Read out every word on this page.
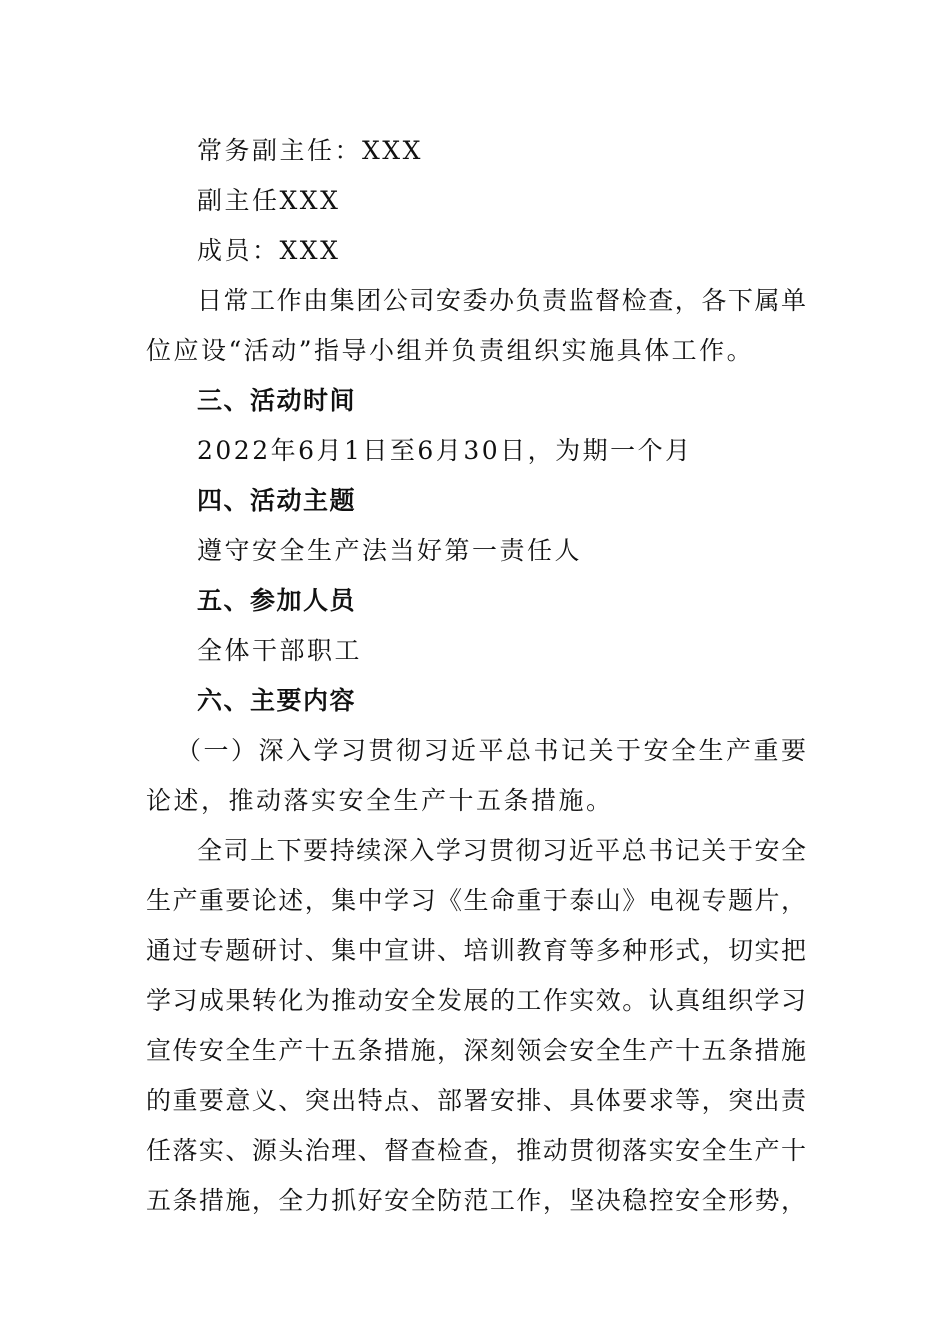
常务副主任：XXX
副主任XXX
成员：XXX
日常工作由集团公司安委办负责监督检查，各下属单
位应设“活动”指导小组并负责组织实施具体工作。
三、活动时间
2022年6月1日至6月30日，为期一个月
四、活动主题
遵守安全生产法当好第一责任人
五、参加人员
全体干部职工
六、主要内容
（一）深入学习贯彻习近平总书记关于安全生产重要
论述，推动落实安全生产十五条措施。
全司上下要持续深入学习贯彻习近平总书记关于安全
生产重要论述，集中学习《生命重于泰山》电视专题片，
通过专题研讨、集中宣讲、培训教育等多种形式，切实把
学习成果转化为推动安全发展的工作实效。认真组织学习
宣传安全生产十五条措施，深刻领会安全生产十五条措施
的重要意义、突出特点、部署安排、具体要求等，突出责
任落实、源头治理、督查检查，推动贯彻落实安全生产十
五条措施，全力抓好安全防范工作，坚决稳控安全形势，
